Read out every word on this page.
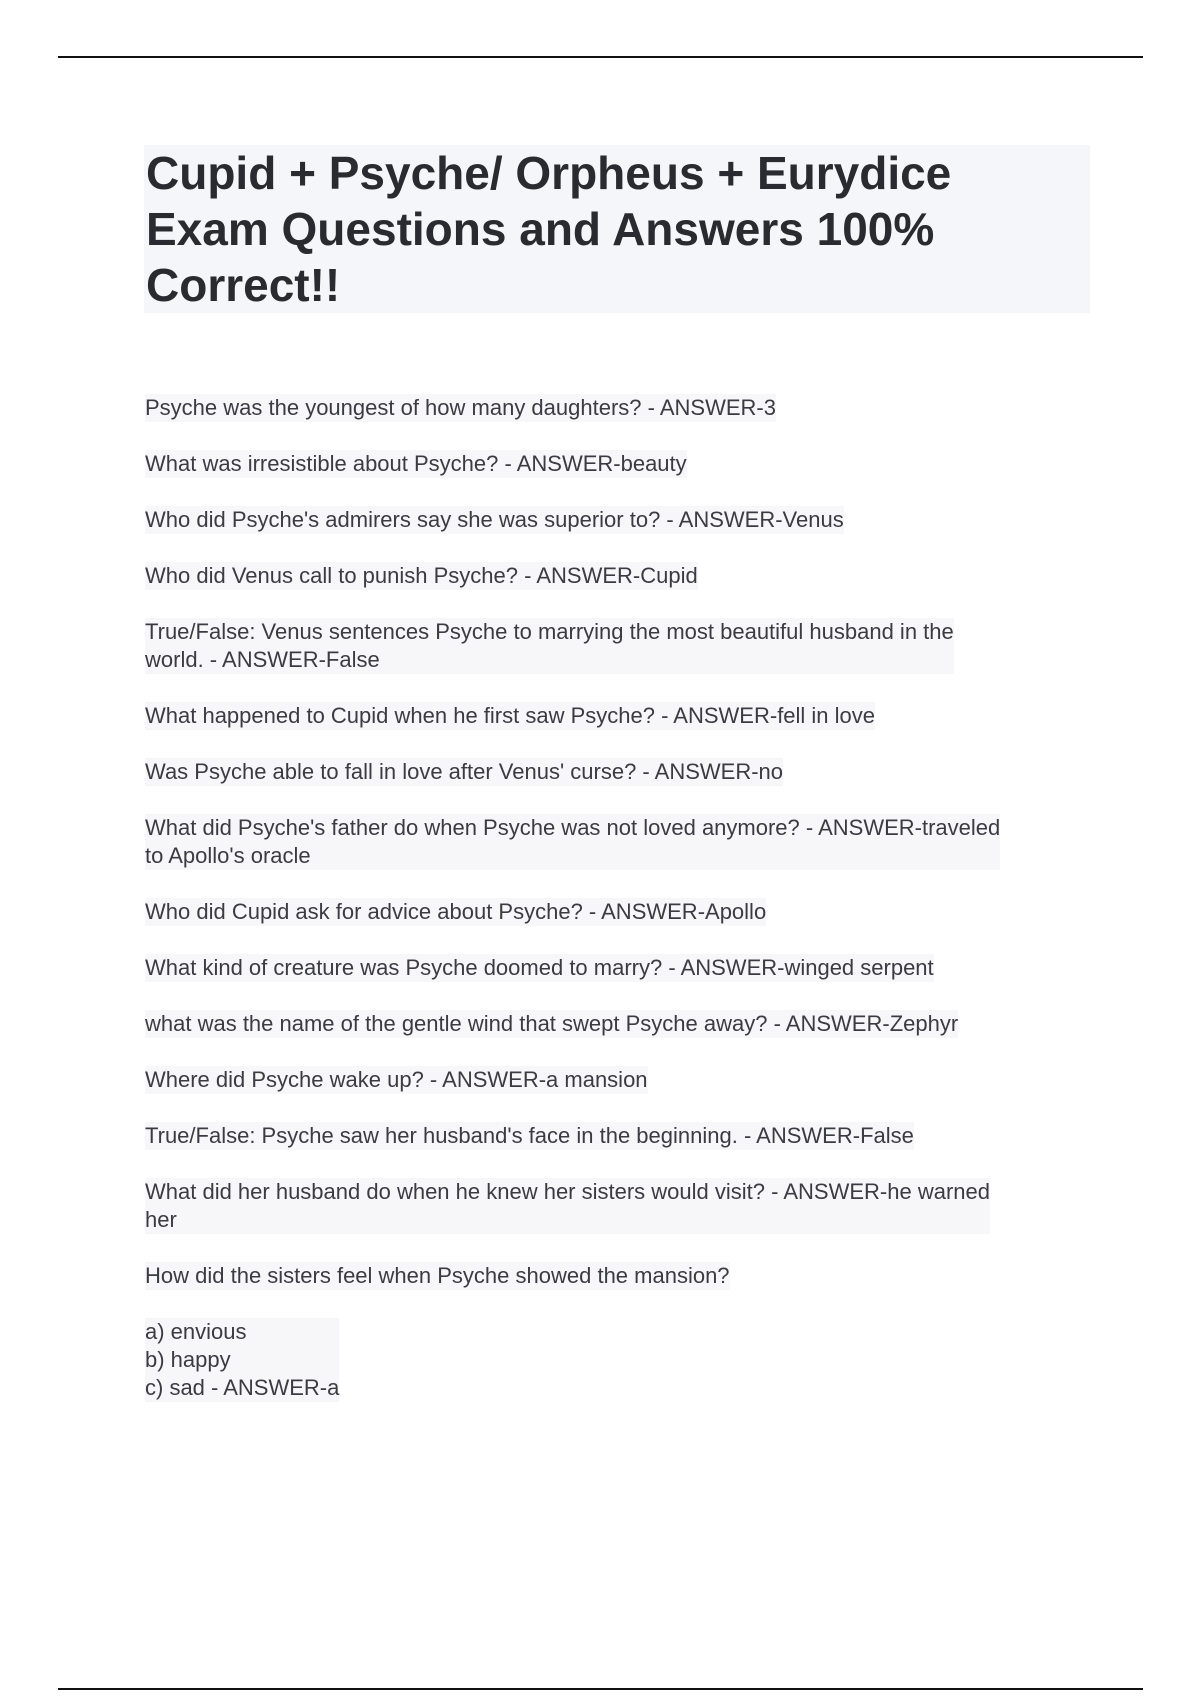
Cupid + Psyche/ Orpheus + Eurydice
Exam Questions and Answers 100%
Correct!!
Psyche was the youngest of how many daughters? - ANSWER-3
What was irresistible about Psyche? - ANSWER-beauty
Who did Psyche's admirers say she was superior to? - ANSWER-Venus
Who did Venus call to punish Psyche? - ANSWER-Cupid
True/False: Venus sentences Psyche to marrying the most beautiful husband in the
world. - ANSWER-False
What happened to Cupid when he first saw Psyche? - ANSWER-fell in love
Was Psyche able to fall in love after Venus' curse? - ANSWER-no
What did Psyche's father do when Psyche was not loved anymore? - ANSWER-traveled
to Apollo's oracle
Who did Cupid ask for advice about Psyche? - ANSWER-Apollo
What kind of creature was Psyche doomed to marry? - ANSWER-winged serpent
what was the name of the gentle wind that swept Psyche away? - ANSWER-Zephyr
Where did Psyche wake up? - ANSWER-a mansion
True/False: Psyche saw her husband's face in the beginning. - ANSWER-False
What did her husband do when he knew her sisters would visit? - ANSWER-he warned
her
How did the sisters feel when Psyche showed the mansion?
a) envious
b) happy
c) sad - ANSWER-a
